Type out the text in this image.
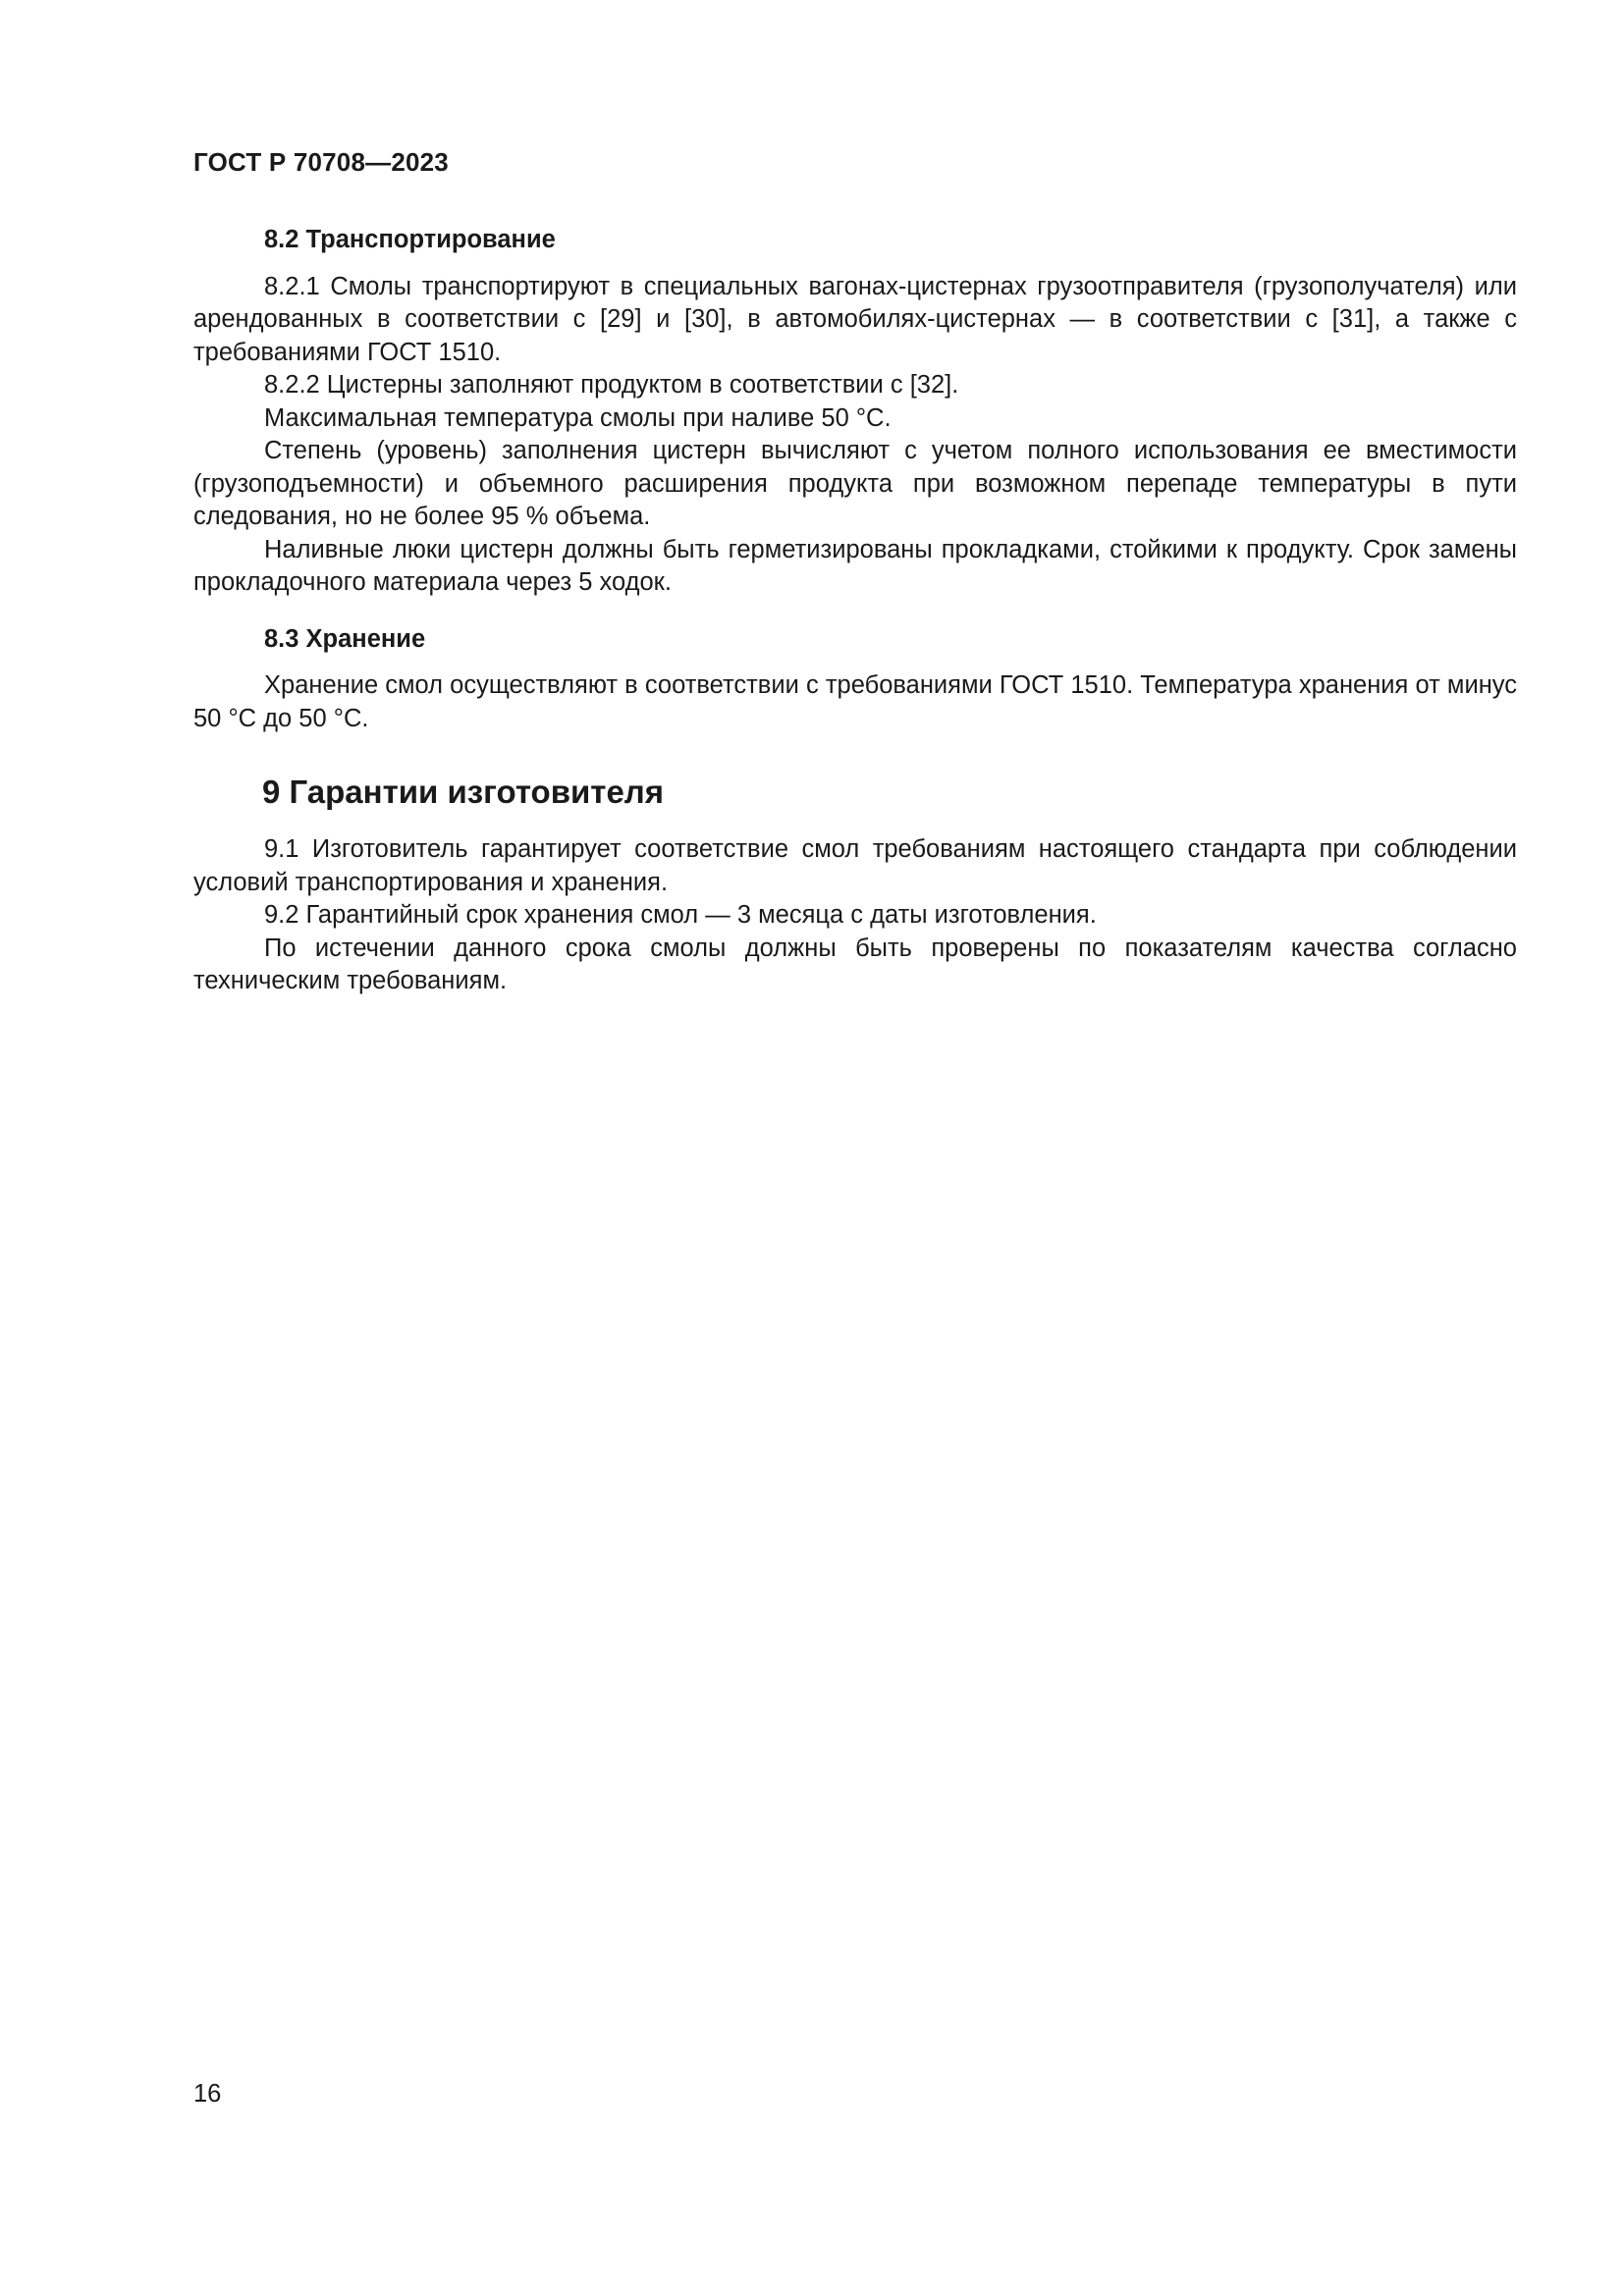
ГОСТ Р 70708—2023
8.2 Транспортирование

8.2.1 Смолы транспортируют в специальных вагонах-цистернах грузоотправителя (грузополучателя) или арендованных в соответствии с [29] и [30], в автомобилях-цистернах — в соответствии с [31], а также с требованиями ГОСТ 1510.

8.2.2 Цистерны заполняют продуктом в соответствии с [32].

Максимальная температура смолы при наливе 50 °С.

Степень (уровень) заполнения цистерн вычисляют с учетом полного использования ее вместимости (грузоподъемности) и объемного расширения продукта при возможном перепаде температуры в пути следования, но не более 95 % объема.

Наливные люки цистерн должны быть герметизированы прокладками, стойкими к продукту. Срок замены прокладочного материала через 5 ходок.

8.3 Хранение

Хранение смол осуществляют в соответствии с требованиями ГОСТ 1510. Температура хранения от минус 50 °С до 50 °С.

9 Гарантии изготовителя

9.1 Изготовитель гарантирует соответствие смол требованиям настоящего стандарта при соблюдении условий транспортирования и хранения.

9.2 Гарантийный срок хранения смол — 3 месяца с даты изготовления.

По истечении данного срока смолы должны быть проверены по показателям качества согласно техническим требованиям.

16
